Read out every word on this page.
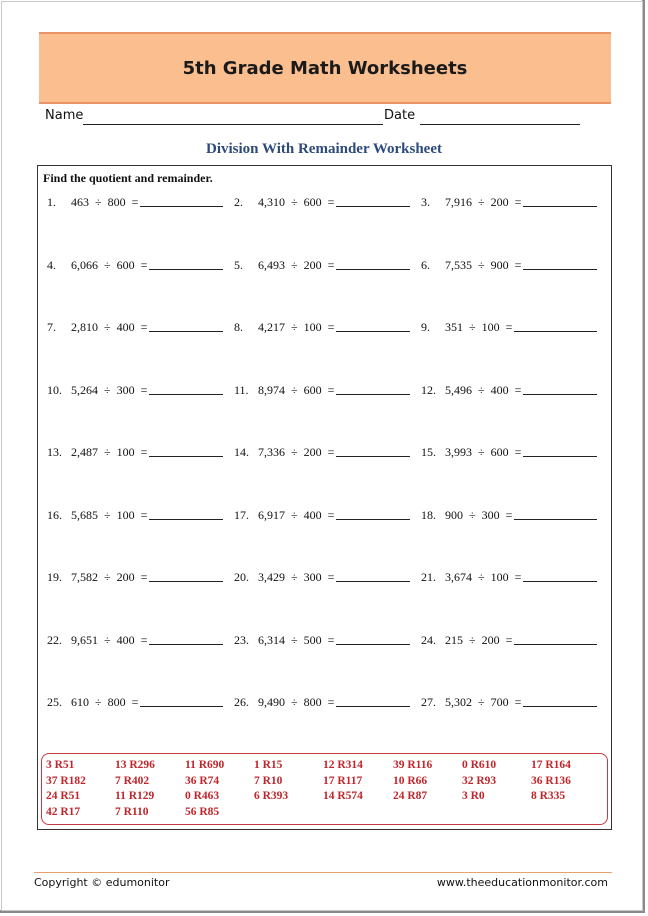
5th Grade Math Worksheets
Name	Date
Division With Remainder Worksheet
Find the quotient and remainder.
1. 463  ÷  800  =	2. 4,310  ÷  600  =	3. 7,916  ÷  200  =
4. 6,066  ÷  600  =	5. 6,493  ÷  200  =	6. 7,535  ÷  900  =
7. 2,810  ÷  400  =	8. 4,217  ÷  100  =	9. 351  ÷  100  =
10. 5,264  ÷  300  =	11. 8,974  ÷  600  =	12. 5,496  ÷  400  =
13. 2,487  ÷  100  =	14. 7,336  ÷  200  =	15. 3,993  ÷  600  =
16. 5,685  ÷  100  =	17. 6,917  ÷  400  =	18. 900  ÷  300  =
19. 7,582  ÷  200  =	20. 3,429  ÷  300  =	21. 3,674  ÷  100  =
22. 9,651  ÷  400  =	23. 6,314  ÷  500  =	24. 215  ÷  200  =
25. 610  ÷  800  =	26. 9,490  ÷  800  =	27. 5,302  ÷  700  =
3 R51	13 R296	11 R690	1 R15	12 R314	39 R116	0 R610	17 R164
37 R182	7 R402	36 R74	7 R10	17 R117	10 R66	32 R93	36 R136
24 R51	11 R129	0 R463	6 R393	14 R574	24 R87	3 R0	8 R335
42 R17	7 R110	56 R85
Copyright © edumonitor	www.theeducationmonitor.com
